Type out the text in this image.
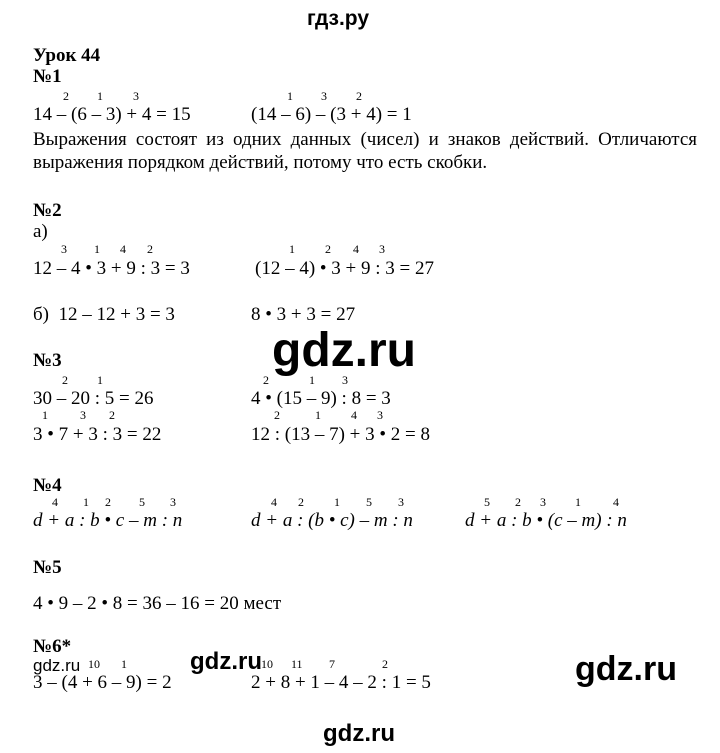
гдз.ру
Урок 44
№1
2 1	3
14 – (6 – 3) + 4 = 15
1 3 2
(14 – 6) – (3 + 4) = 1
Выражения состоят из одних данных (чисел) и знаков действий. Отличаются выражения порядком действий, потому что есть скобки.
№2
а)
3 1 4 2
12 – 4 • 3 + 9 : 3 = 3
1	2 4 3
(12 – 4) • 3 + 9 : 3 = 27
б)  12 – 12 + 3 = 3	8 • 3 + 3 = 27
gdz.ru
№3
2 1
30 – 20 : 5 = 26
2	1 3
4 • (15 – 9) : 8 = 3
1	3 2
3 • 7 + 3 : 3 = 22
2	1	4 3
12 : (13 – 7) + 3 • 2 = 8
№4
4 1 2 5 3
d + a : b • c – m : n
4 2	1 5 3
d + a : (b • c) – m : n
5 2 3 1	4
d + a : b • (c – m) : n
№5
4 • 9 – 2 • 8 = 36 – 16 = 20 мест
№6*
gdz.ru 10 1
3 – (4 + 6 – 9) = 2
gdz.ru 10 11 7	2
2 + 8 + 1 – 4 – 2 : 1 = 5	gdz.ru
gdz.ru
